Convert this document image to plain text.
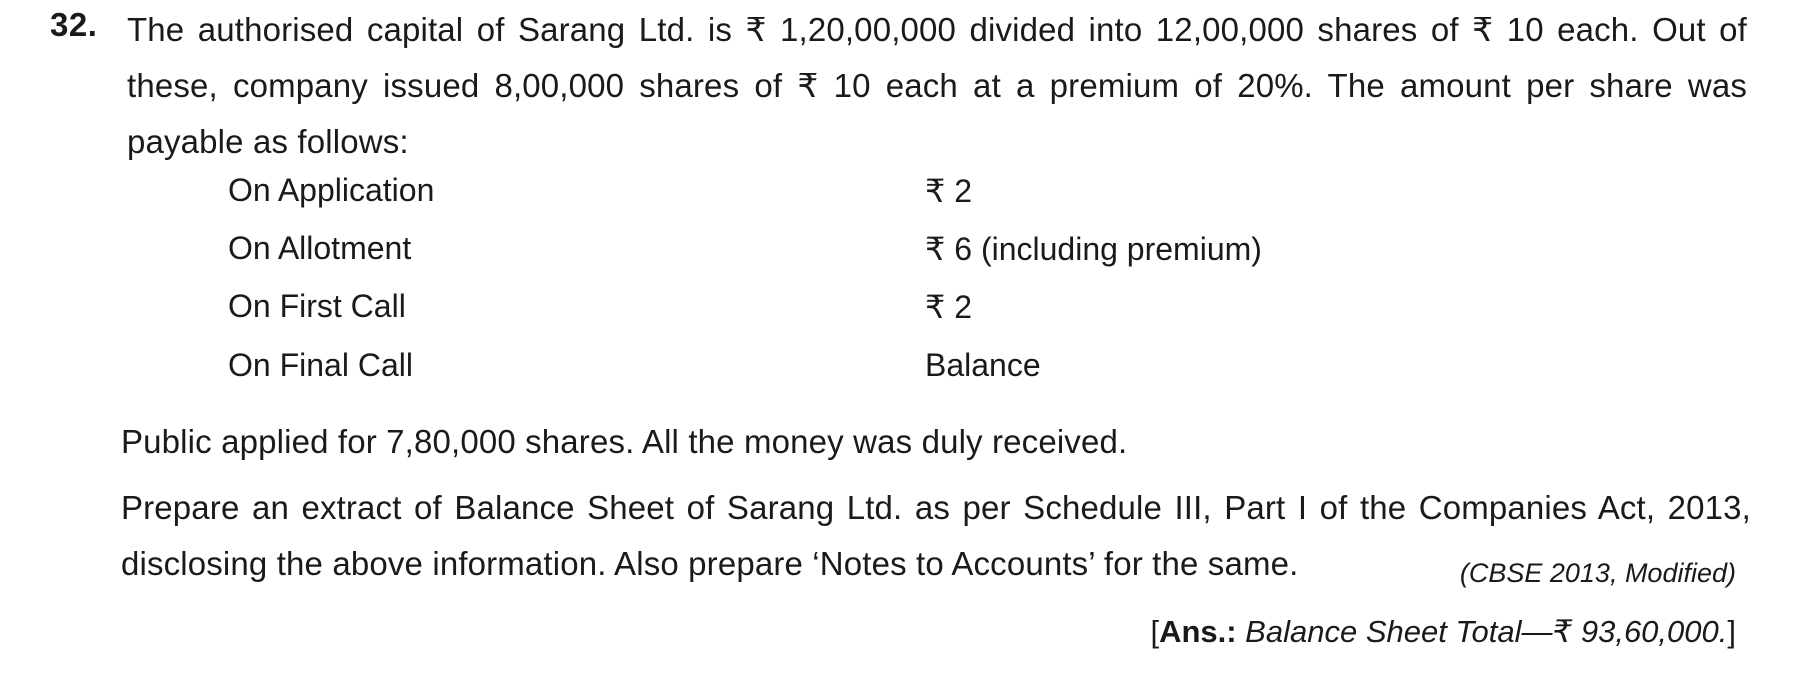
32. The authorised capital of Sarang Ltd. is ₹ 1,20,00,000 divided into 12,00,000 shares of ₹ 10 each. Out of these, company issued 8,00,000 shares of ₹ 10 each at a premium of 20%. The amount per share was payable as follows:
On Application	₹ 2
On Allotment	₹ 6 (including premium)
On First Call	₹ 2
On Final Call	Balance
Public applied for 7,80,000 shares. All the money was duly received.
Prepare an extract of Balance Sheet of Sarang Ltd. as per Schedule III, Part I of the Companies Act, 2013, disclosing the above information. Also prepare ‘Notes to Accounts’ for the same.	(CBSE 2013, Modified)
[Ans.: Balance Sheet Total—₹ 93,60,000.]
